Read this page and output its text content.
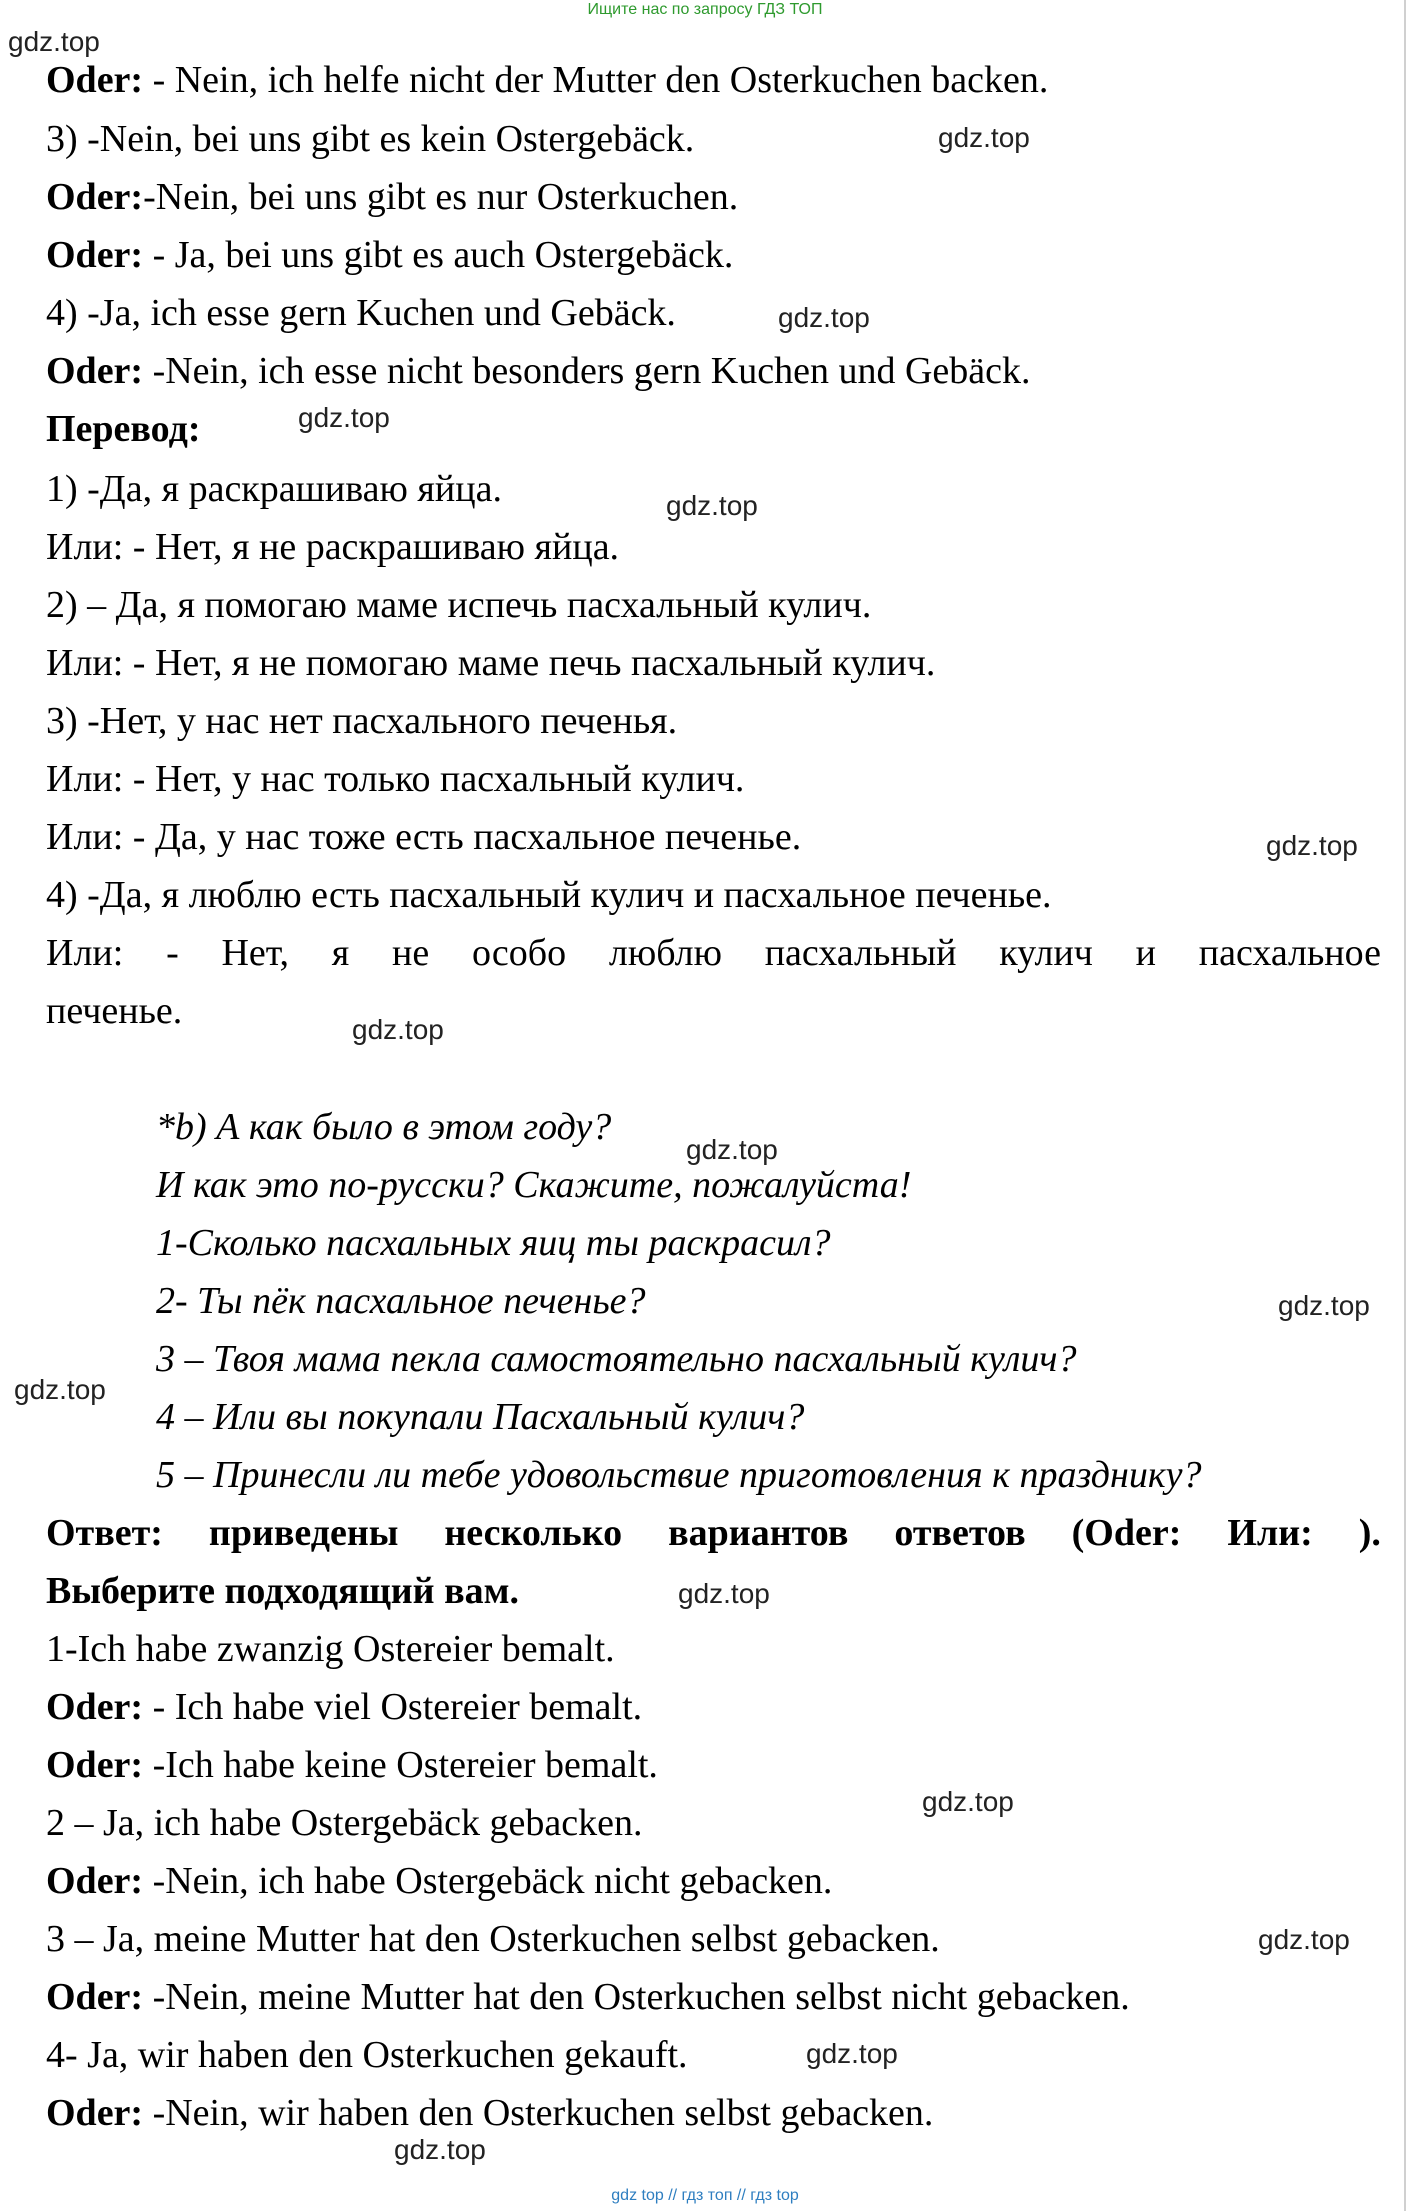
Ищите нас по запросу ГДЗ ТОП
gdz.top
Oder: - Nein, ich helfe nicht der Mutter den Osterkuchen backen.
3) -Nein, bei uns gibt es kein Ostergebäck.	gdz.top
Oder:-Nein, bei uns gibt es nur Osterkuchen.
Oder: - Ja, bei uns gibt es auch Ostergebäck.
4) -Ja, ich esse gern Kuchen und Gebäck.	gdz.top
Oder: -Nein, ich esse nicht besonders gern Kuchen und Gebäck.
Перевод:	gdz.top
1) -Да, я раскрашиваю яйца.	gdz.top
Или: - Нет, я не раскрашиваю яйца.
2) – Да, я помогаю маме испечь пасхальный кулич.
Или: - Нет, я не помогаю маме печь пасхальный кулич.
3) -Нет, у нас нет пасхального печенья.
Или: - Нет, у нас только пасхальный кулич.
Или: - Да, у нас тоже есть пасхальное печенье.	gdz.top
4) -Да, я люблю есть пасхальный кулич и пасхальное печенье.
Или: - Нет, я не особо люблю пасхальный кулич и пасхальное
печенье.	gdz.top
*b) А как было в этом году?
gdz.top
И как это по-русски? Скажите, пожалуйста!
1-Сколько пасхальных яиц ты раскрасил?
2- Ты пёк пасхальное печенье?	gdz.top
3 – Твоя мама пекла самостоятельно пасхальный кулич?
gdz.top
4 – Или вы покупали Пасхальный кулич?
5 – Принесли ли тебе удовольствие приготовления к празднику?
Ответ: приведены несколько вариантов ответов (Oder: Или: ).
Выберите подходящий вам.	gdz.top
1-Ich habe zwanzig Ostereier bemalt.
Oder: - Ich habe viel Ostereier bemalt.
Oder: -Ich habe keine Ostereier bemalt.
gdz.top
2 – Ja, ich habe Ostergebäck gebacken.
Oder: -Nein, ich habe Ostergebäck nicht gebacken.
3 – Ja, meine Mutter hat den Osterkuchen selbst gebacken.	gdz.top
Oder: -Nein, meine Mutter hat den Osterkuchen selbst nicht gebacken.
4- Ja, wir haben den Osterkuchen gekauft.	gdz.top
Oder: -Nein, wir haben den Osterkuchen selbst gebacken.
gdz.top
gdz top // гдз топ // гдз top
